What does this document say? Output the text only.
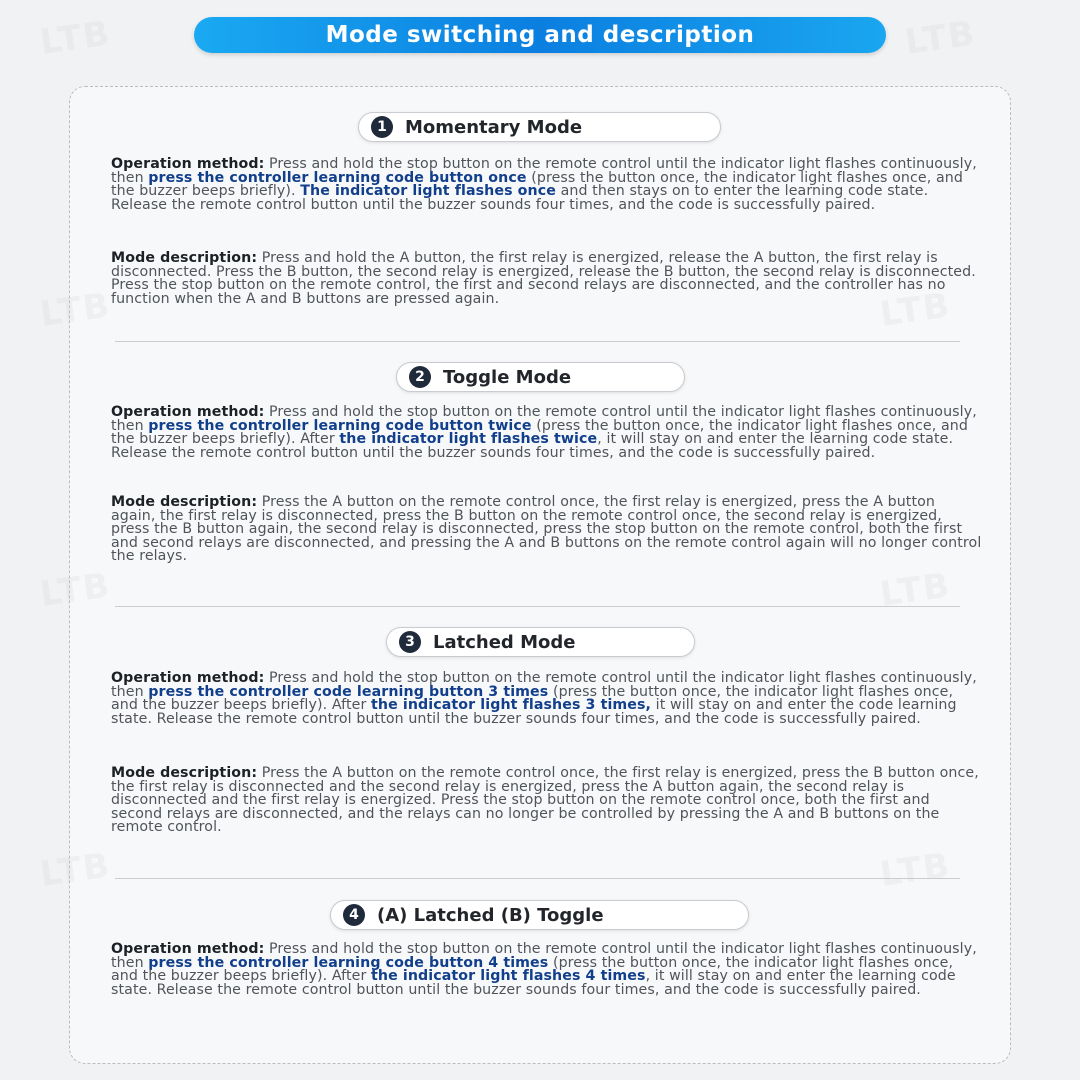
Mode switching and description
LTB	LTB
1	Momentary Mode
Operation method: Press and hold the stop button on the remote control until the indicator light flashes continuously, then press the controller learning code button once (press the button once, the indicator light flashes once, and the buzzer beeps briefly). The indicator light flashes once and then stays on to enter the learning code state. Release the remote control button until the buzzer sounds four times, and the code is successfully paired.
Mode description: Press and hold the A button, the first relay is energized, release the A button, the first relay is disconnected. Press the B button, the second relay is energized, release the B button, the second relay is disconnected. Press the stop button on the remote control, the first and second relays are disconnected, and the controller has no function when the A and B buttons are pressed again.
2	Toggle Mode
Operation method: Press and hold the stop button on the remote control until the indicator light flashes continuously, then press the controller learning code button twice (press the button once, the indicator light flashes once, and the buzzer beeps briefly). After the indicator light flashes twice, it will stay on and enter the learning code state. Release the remote control button until the buzzer sounds four times, and the code is successfully paired.
Mode description: Press the A button on the remote control once, the first relay is energized, press the A button again, the first relay is disconnected, press the B button on the remote control once, the second relay is energized, press the B button again, the second relay is disconnected, press the stop button on the remote control, both the first and second relays are disconnected, and pressing the A and B buttons on the remote control again will no longer control the relays.
3	Latched Mode
Operation method: Press and hold the stop button on the remote control until the indicator light flashes continuously, then press the controller code learning button 3 times (press the button once, the indicator light flashes once, and the buzzer beeps briefly). After the indicator light flashes 3 times, it will stay on and enter the code learning state. Release the remote control button until the buzzer sounds four times, and the code is successfully paired.
Mode description: Press the A button on the remote control once, the first relay is energized, press the B button once, the first relay is disconnected and the second relay is energized, press the A button again, the second relay is disconnected and the first relay is energized. Press the stop button on the remote control once, both the first and second relays are disconnected, and the relays can no longer be controlled by pressing the A and B buttons on the remote control.
4	(A) Latched (B) Toggle
Operation method: Press and hold the stop button on the remote control until the indicator light flashes continuously, then press the controller learning code button 4 times (press the button once, the indicator light flashes once, and the buzzer beeps briefly). After the indicator light flashes 4 times, it will stay on and enter the learning code state. Release the remote control button until the buzzer sounds four times, and the code is successfully paired.
